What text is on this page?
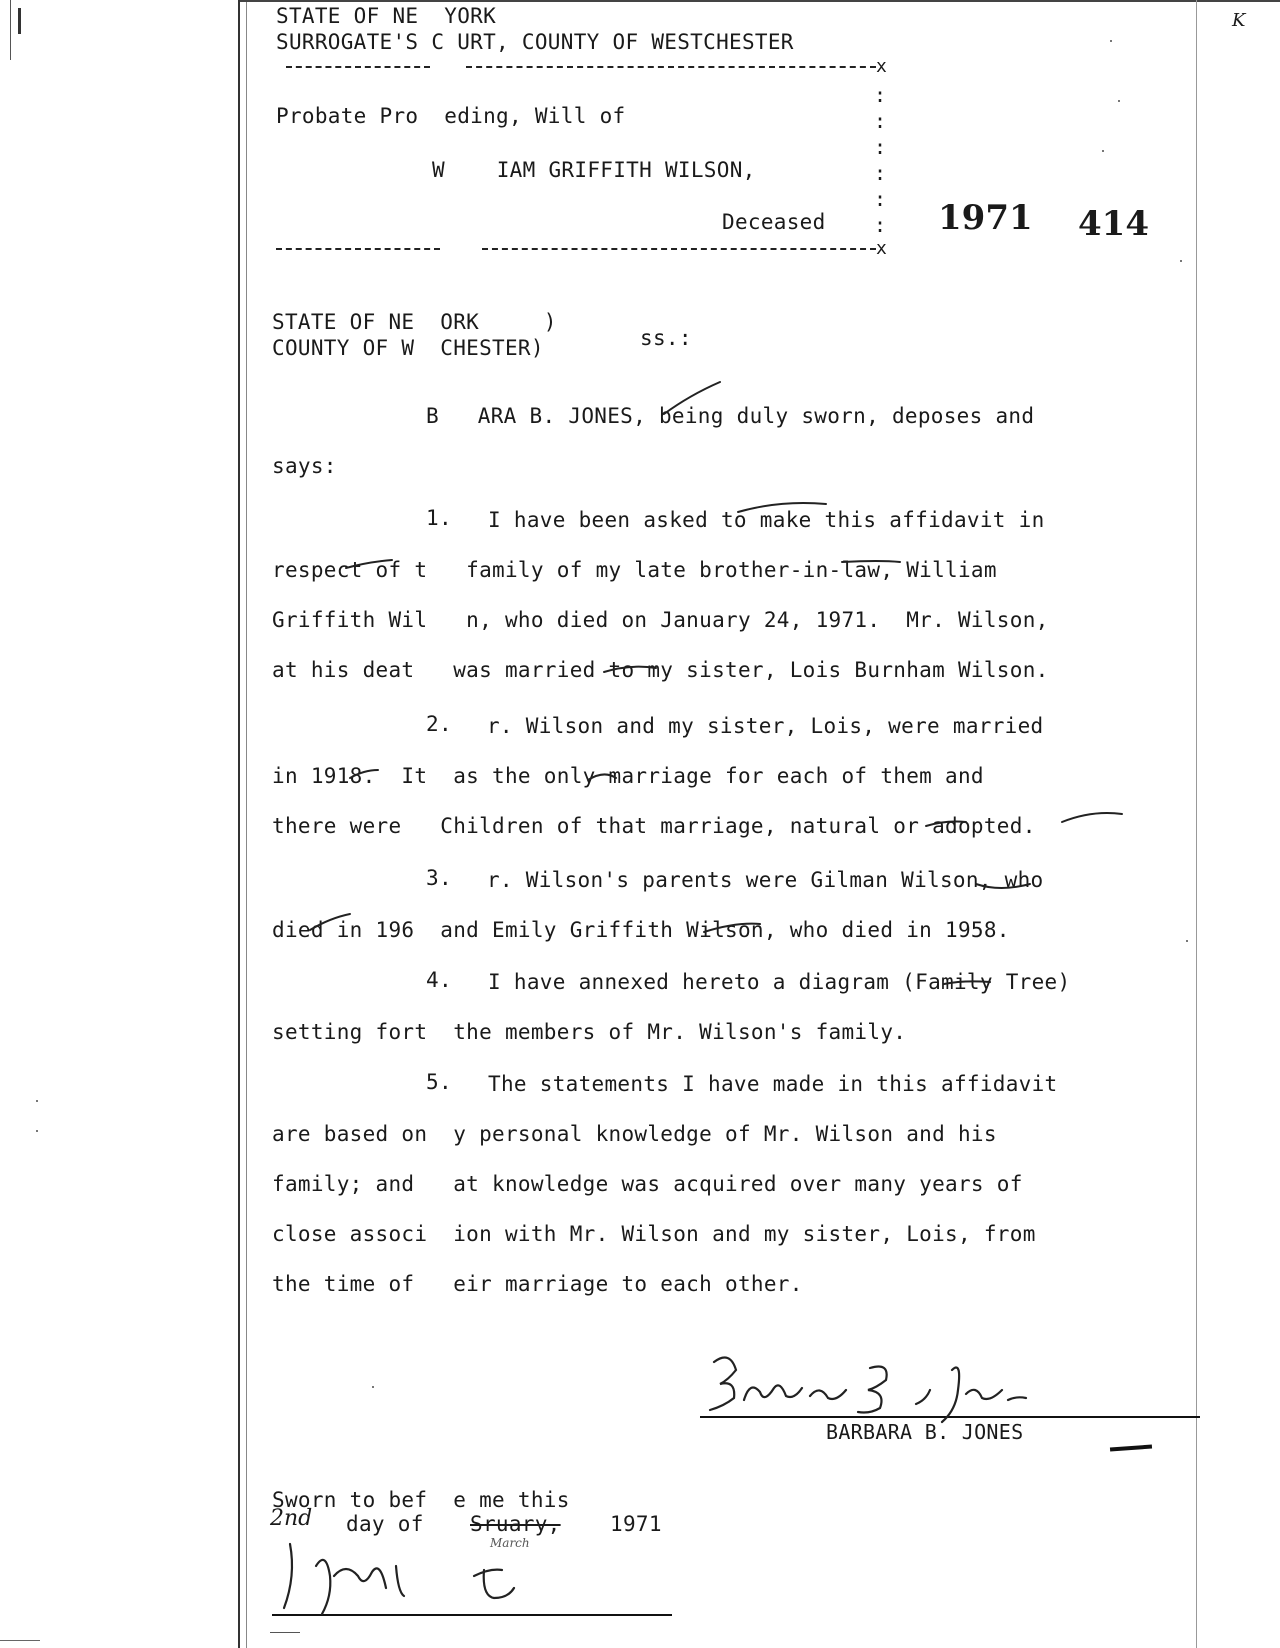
STATE OF NE  YORK
SURROGATE'S C URT, COUNTY OF WESTCHESTER
K
x
Probate Pro  eding, Will of
W    IAM GRIFFITH WILSON,
Deceased
:
:
:
:
:
:
x
1971 414
STATE OF NE  ORK     )
COUNTY OF W  CHESTER)	ss.:
B   ARA B. JONES, being duly sworn, deposes and
says:
1. I have been asked to make this affidavit in
respect of t   family of my late brother-in-law, William
Griffith Wil   n, who died on January 24, 1971.  Mr. Wilson,
at his deat   was married to my sister, Lois Burnham Wilson.
2. r. Wilson and my sister, Lois, were married
in 1918.  It  as the only marriage for each of them and
there were   Children of that marriage, natural or adopted.
3. r. Wilson's parents were Gilman Wilson, who
died in 196  and Emily Griffith Wilson, who died in 1958.
4. I have annexed hereto a diagram (Family Tree)
setting fort  the members of Mr. Wilson's family.
5. The statements I have made in this affidavit
are based on  y personal knowledge of Mr. Wilson and his
family; and   at knowledge was acquired over many years of
close associ  ion with Mr. Wilson and my sister, Lois, from
the time of   eir marriage to each other.
BARBARA B. JONES
Sworn to bef  e me this
2nd day of Sruary, 1971
March
